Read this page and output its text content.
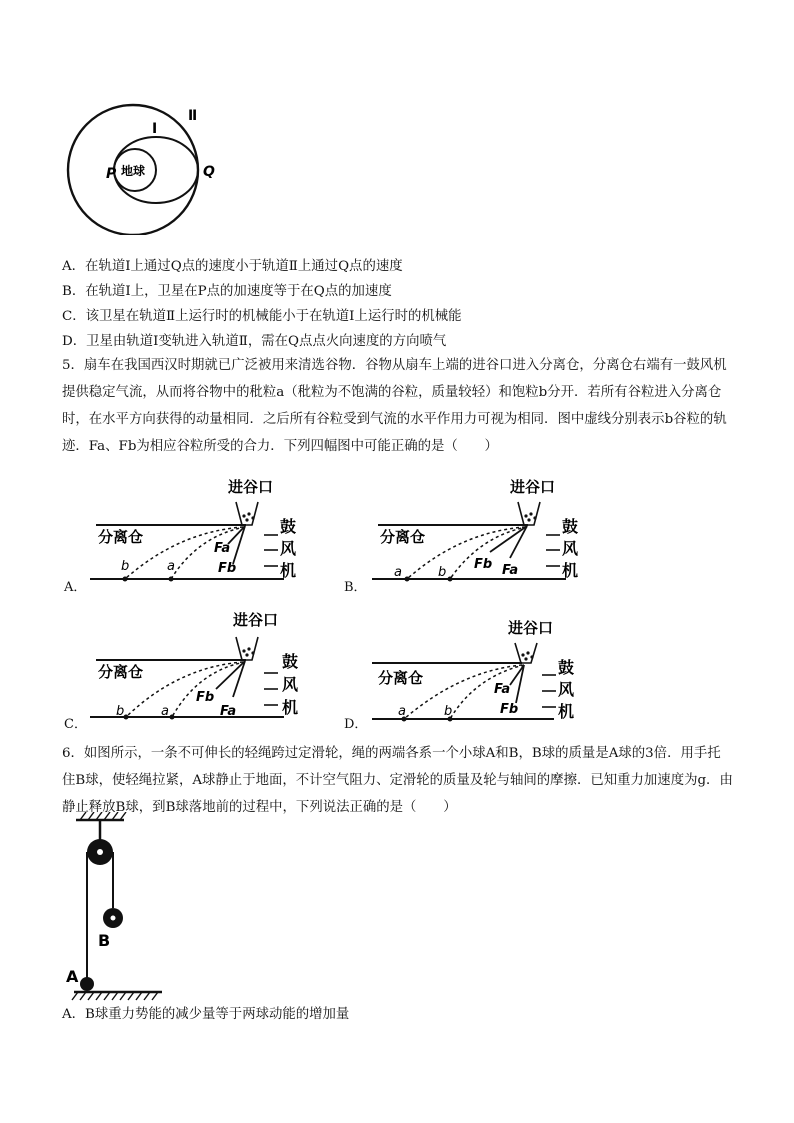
地球
Ⅰ
Ⅱ
P	Q
A．在轨道Ⅰ上通过Q点的速度小于轨道Ⅱ上通过Q点的速度
B．在轨道Ⅰ上，卫星在P点的加速度等于在Q点的加速度
C．该卫星在轨道Ⅱ上运行时的机械能小于在轨道Ⅰ上运行时的机械能
D．卫星由轨道Ⅰ变轨进入轨道Ⅱ，需在Q点点火向速度的方向喷气
5．扇车在我国西汉时期就已广泛被用来清选谷物．谷物从扇车上端的进谷口进入分离仓，分离仓右端有一鼓风机提供稳定气流，从而将谷物中的秕粒a（秕粒为不饱满的谷粒，质量较轻）和饱粒b分开．若所有谷粒进入分离仓时，在水平方向获得的动量相同．之后所有谷粒受到气流的水平作用力可视为相同．图中虚线分别表示b谷粒的轨迹．Fa、Fb为相应谷粒所受的合力．下列四幅图中可能正确的是（　　）
进谷口
分离仓
鼓
风
机
b	a
Fa
Fb
A．
进谷口
分离仓
鼓
风
机
a	b
Fb Fa
B．
进谷口
分离仓
鼓
风
机
b	a
Fb
Fa
C．
进谷口
分离仓
鼓
风
机
a	b
Fa
Fb
D．
6．如图所示，一条不可伸长的轻绳跨过定滑轮，绳的两端各系一个小球A和B，B球的质量是A球的3倍．用手托住B球，使轻绳拉紧，A球静止于地面，不计空气阻力、定滑轮的质量及轮与轴间的摩擦．已知重力加速度为g．由静止释放B球，到B球落地前的过程中，下列说法正确的是（　　）
B
A
A．B球重力势能的减少量等于两球动能的增加量
